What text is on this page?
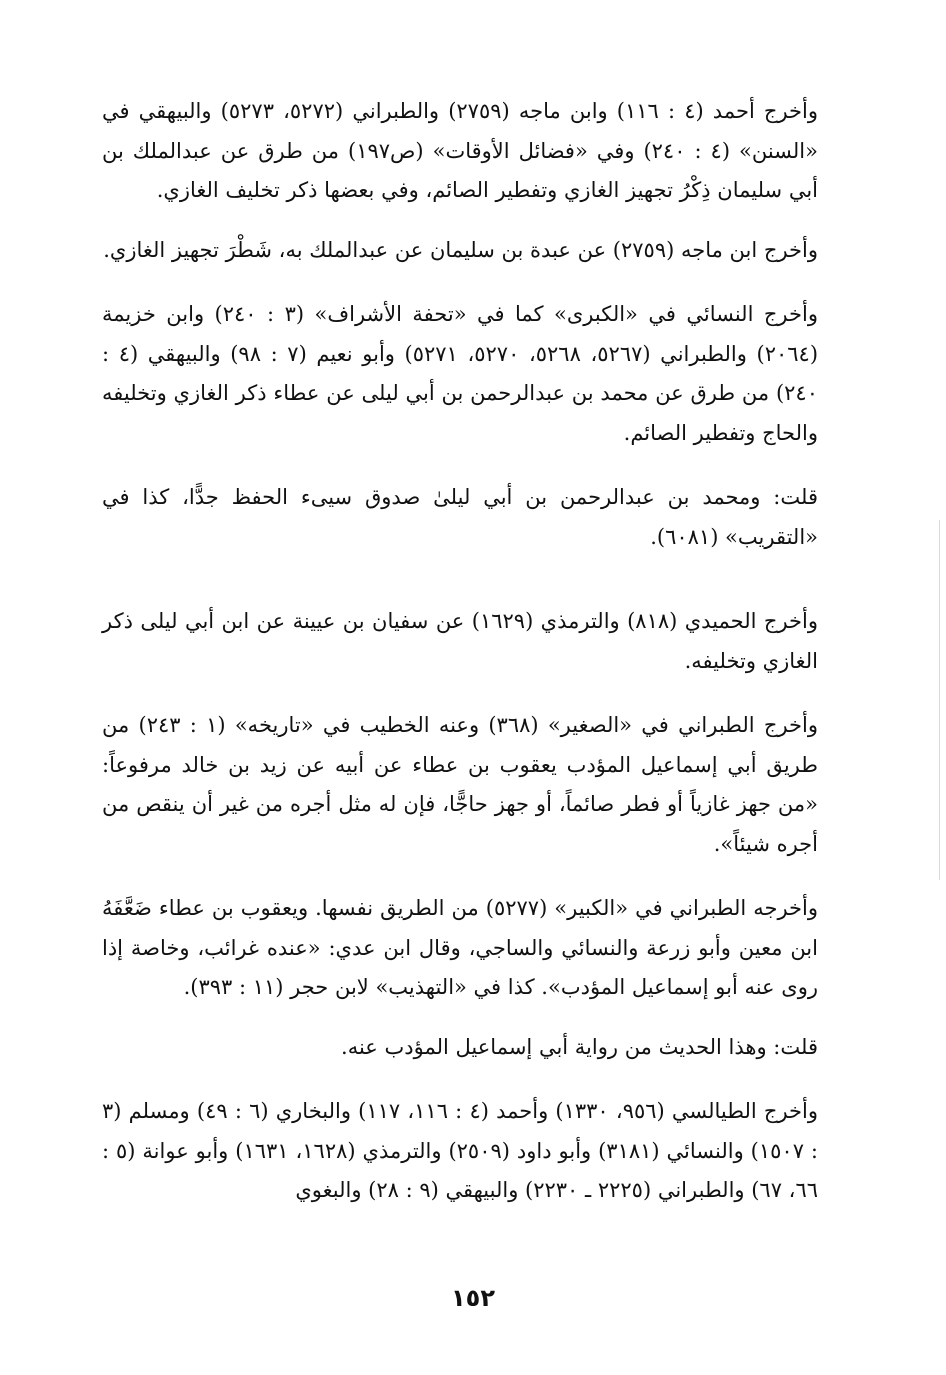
وأخرج أحمد (٤ : ١١٦) وابن ماجه (٢٧٥٩) والطبراني (٥٢٧٢، ٥٢٧٣) والبيهقي في «السنن» (٤ : ٢٤٠) وفي «فضائل الأوقات» (ص١٩٧) من طرق عن عبدالملك بن أبي سليمان ذِكْرُ تجهيز الغازي وتفطير الصائم، وفي بعضها ذكر تخليف الغازي.

وأخرج ابن ماجه (٢٧٥٩) عن عبدة بن سليمان عن عبدالملك به، شَطْرَ تجهيز الغازي.

وأخرج النسائي في «الكبرى» كما في «تحفة الأشراف» (٣ : ٢٤٠) وابن خزيمة (٢٠٦٤) والطبراني (٥٢٦٧، ٥٢٦٨، ٥٢٧٠، ٥٢٧١) وأبو نعيم (٧ : ٩٨) والبيهقي (٤ : ٢٤٠) من طرق عن محمد بن عبدالرحمن بن أبي ليلى عن عطاء ذكر الغازي وتخليفه والحاج وتفطير الصائم.

قلت: ومحمد بن عبدالرحمن بن أبي ليلىٰ صدوق سيىء الحفظ جدًّا، كذا في «التقريب» (٦٠٨١).

وأخرج الحميدي (٨١٨) والترمذي (١٦٢٩) عن سفيان بن عيينة عن ابن أبي ليلى ذكر الغازي وتخليفه.

وأخرج الطبراني في «الصغير» (٣٦٨) وعنه الخطيب في «تاريخه» (١ : ٢٤٣) من طريق أبي إسماعيل المؤدب يعقوب بن عطاء عن أبيه عن زيد بن خالد مرفوعاً: «من جهز غازياً أو فطر صائماً، أو جهز حاجًّا، فإن له مثل أجره من غير أن ينقص من أجره شيئاً».

وأخرجه الطبراني في «الكبير» (٥٢٧٧) من الطريق نفسها. ويعقوب بن عطاء ضَعَّفَهُ ابن معين وأبو زرعة والنسائي والساجي، وقال ابن عدي: «عنده غرائب، وخاصة إذا روى عنه أبو إسماعيل المؤدب». كذا في «التهذيب» لابن حجر (١١ : ٣٩٣).

قلت: وهذا الحديث من رواية أبي إسماعيل المؤدب عنه.

وأخرج الطيالسي (٩٥٦، ١٣٣٠) وأحمد (٤ : ١١٦، ١١٧) والبخاري (٦ : ٤٩) ومسلم (٣ : ١٥٠٧) والنسائي (٣١٨١) وأبو داود (٢٥٠٩) والترمذي (١٦٢٨، ١٦٣١) وأبو عوانة (٥ : ٦٦، ٦٧) والطبراني (٢٢٢٥ ـ ٢٢٣٠) والبيهقي (٩ : ٢٨) والبغوي

١٥٢
